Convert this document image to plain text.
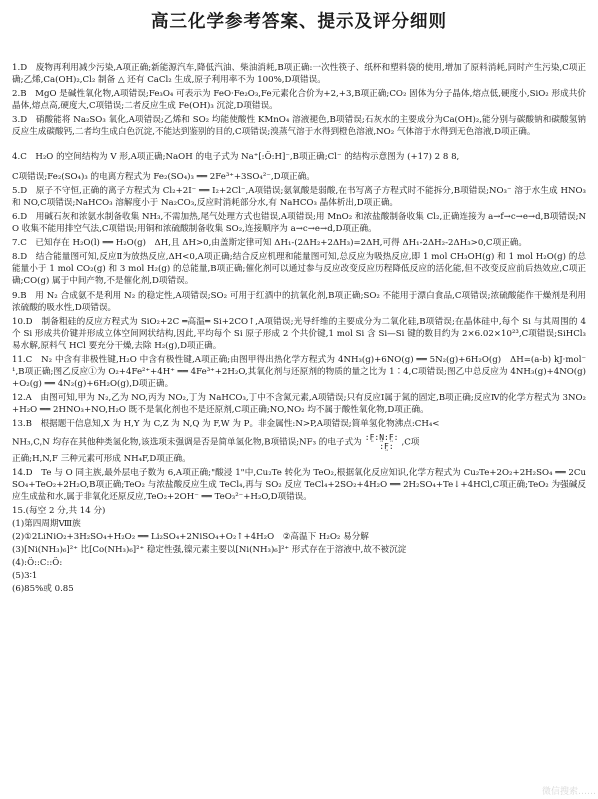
高三化学参考答案、提示及评分细则

1.D　废物再利用减少污染,A项正确;新能源汽车,降低汽油、柴油消耗,B项正确:一次性筷子、纸杯和塑料袋的使用,增加了原料消耗,同时产生污染,C项正确;乙烯,Ca(OH)₂,Cl₂ 制备 △ 还有 CaCl₂ 生成,原子利用率不为 100%,D项错误。

2.B　MgO 是碱性氧化物,A项错误;Fe₃O₄ 可表示为 FeO·Fe₂O₃,Fe元素化合价为+2,+3,B项正确;CO₂ 固体为分子晶体,熔点低,硬度小,SiO₂ 形成共价晶体,熔点高,硬度大,C项错误;二者反应生成 Fe(OH)₃ 沉淀,D项错误。

3.D　硝酸能将 Na₂SO₃ 氧化,A项错误;乙烯和 SO₂ 均能使酸性 KMnO₄ 溶液褪色,B项错误;石灰水的主要成分为Ca(OH)₂,能分别与碳酸钠和碳酸氢钠反应生成碳酸钙,二者均生成白色沉淀,不能达到鉴别的目的,C项错误;溴蒸气溶于水得到橙色溶液,NO₂ 气体溶于水得到无色溶液,D项正确。

4.C　H₂O 的空间结构为 V 形,A项正确;NaOH 的电子式为 Na⁺[:Ö:H]⁻,B项正确;Cl⁻ 的结构示意图为 (+17) 2 8 8,

C项错误;Fe₂(SO₄)₃ 的电离方程式为 Fe₂(SO₄)₃ ══ 2Fe³⁺+3SO₄²⁻,D项正确。

5.D　原子不守恒,正确的离子方程式为 Cl₂+2I⁻ ══ I₂+2Cl⁻,A项错误;氨氧酸是弱酸,在书写离子方程式时不能拆分,B项错误;NO₃⁻ 溶于水生成 HNO₃ 和 NO,C项错误;NaHCO₃ 溶解度小于 Na₂CO₃,反应时消耗部分水,有 NaHCO₃ 晶体析出,D项正确。

6.D　用碱石灰和浓氨水制备收集 NH₃,不需加热,尾气处理方式也错误,A项错误;用 MnO₂ 和浓盐酸制备收集 Cl₂,正确连接为 a→f→c→e→d,B项错误;NO 收集不能用排空气法,C项错误;用铜和浓硫酸制备收集 SO₂,连接顺序为 a→c→e→d,D项正确。

7.C　已知存在 H₂O(l) ══ H₂O(g)　ΔH,且 ΔH>0,由盖斯定律可知 ΔH₁-(2ΔH₂+2ΔH₃)=2ΔH,可得 ΔH₁-2ΔH₂-2ΔH₃>0,C项正确。

8.D　结合能量图可知,反应Ⅱ为放热反应,ΔH<0,A项正确;结合反应机理和能量图可知,总反应为吸热反应,即 1 mol CH₃OH(g) 和 1 mol H₂O(g) 的总能量小于 1 mol CO₂(g) 和 3 mol H₂(g) 的总能量,B项正确;催化剂可以通过参与反应改变反应历程降低反应的活化能,但不改变反应前后热效应,C项正确;CO(g) 属于中间产物,不是催化剂,D项错误。

9.B　用 N₂ 合成氨不是利用 N₂ 的稳定性,A项错误;SO₂ 可用于红酒中的抗氧化剂,B项正确;SO₂ 不能用于漂白食品,C项错误;浓硫酸能作干燥剂是利用浓硫酸的吸水性,D项错误。

10.D　制备粗硅的反应方程式为 SiO₂+2C ═高温═ Si+2CO↑,A项错误;光导纤维的主要成分为二氧化硅,B项错误;在晶体硅中,每个 Si 与其周围的 4 个 Si 形成共价键并形成立体空间网状结构,因此,平均每个 Si 原子形成 2 个共价键,1 mol Si 含 Si—Si 键的数目约为 2×6.02×10²³,C项错误;SiHCl₃ 易水解,原料气 HCl 要充分干燥,去除 H₂(g),D项正确。

11.C　N₂ 中含有非极性键,H₂O 中含有极性键,A项正确;由图甲得出热化学方程式为 4NH₃(g)+6NO(g) ══ 5N₂(g)+6H₂O(g)　ΔH=(a-b) kJ·mol⁻¹,B项正确;图乙反应①为 O₂+4Fe²⁺+4H⁺ ══ 4Fe³⁺+2H₂O,其氧化剂与还原剂的物质的量之比为 1∶4,C项错误;图乙中总反应为 4NH₃(g)+4NO(g)+O₂(g) ══ 4N₂(g)+6H₂O(g),D项正确。

12.A　由图可知,甲为 N₂,乙为 NO,丙为 NO₂,丁为 NaHCO₃,丁中不含氮元素,A项错误;只有反应Ⅰ属于氮的固定,B项正确;反应Ⅳ的化学方程式为 3NO₂+H₂O ══ 2HNO₃+NO,H₂O 既不是氧化剂也不是还原剂,C项正确;NO,NO₂ 均不属于酸性氧化物,D项正确。

13.B　根据题干信息知,X 为 H,Y 为 C,Z 为 N,Q 为 F,W 为 P。非金属性:N>P,A项错误;简单氢化物沸点:CH₄<

NH₃,C,N 均存在其他种类氢化物,该选项未强调是否是简单氢化物,B项错误;NF₃ 的电子式为 :F̤:N̤:F̤:
:F̤: ,C项

正确;H,N,F 三种元素可形成 NH₄F,D项正确。

14.D　Te 与 O 同主族,最外层电子数为 6,A项正确;"酸浸 1"中,Cu₂Te 转化为 TeO₂,根据氧化反应知识,化学方程式为 Cu₂Te+2O₂+2H₂SO₄ ══ 2CuSO₄+TeO₂+2H₂O,B项正确;TeO₂ 与浓盐酸反应生成 TeCl₄,再与 SO₂ 反应 TeCl₄+2SO₂+4H₂O ══ 2H₂SO₄+Te↓+4HCl,C项正确;TeO₂ 为强碱反应生成盐和水,属于非氧化还原反应,TeO₂+2OH⁻ ══ TeO₃²⁻+H₂O,D项错误。

15.(每空 2 分,共 14 分)

(1)第四周期Ⅷ族

(2)①2LiNiO₂+3H₂SO₄+H₂O₂ ══ Li₂SO₄+2NiSO₄+O₂↑+4H₂O　②高温下 H₂O₂ 易分解

(3)[Ni(NH₃)₆]²⁺ 比[Co(NH₃)₆]²⁺ 稳定性强,镍元素主要以[Ni(NH₃)₆]²⁺ 形式存在于溶液中,故不被沉淀

(4):Ö::C::Ö:

(5)3∶1

(6)85%或 0.85

微信搜索……
